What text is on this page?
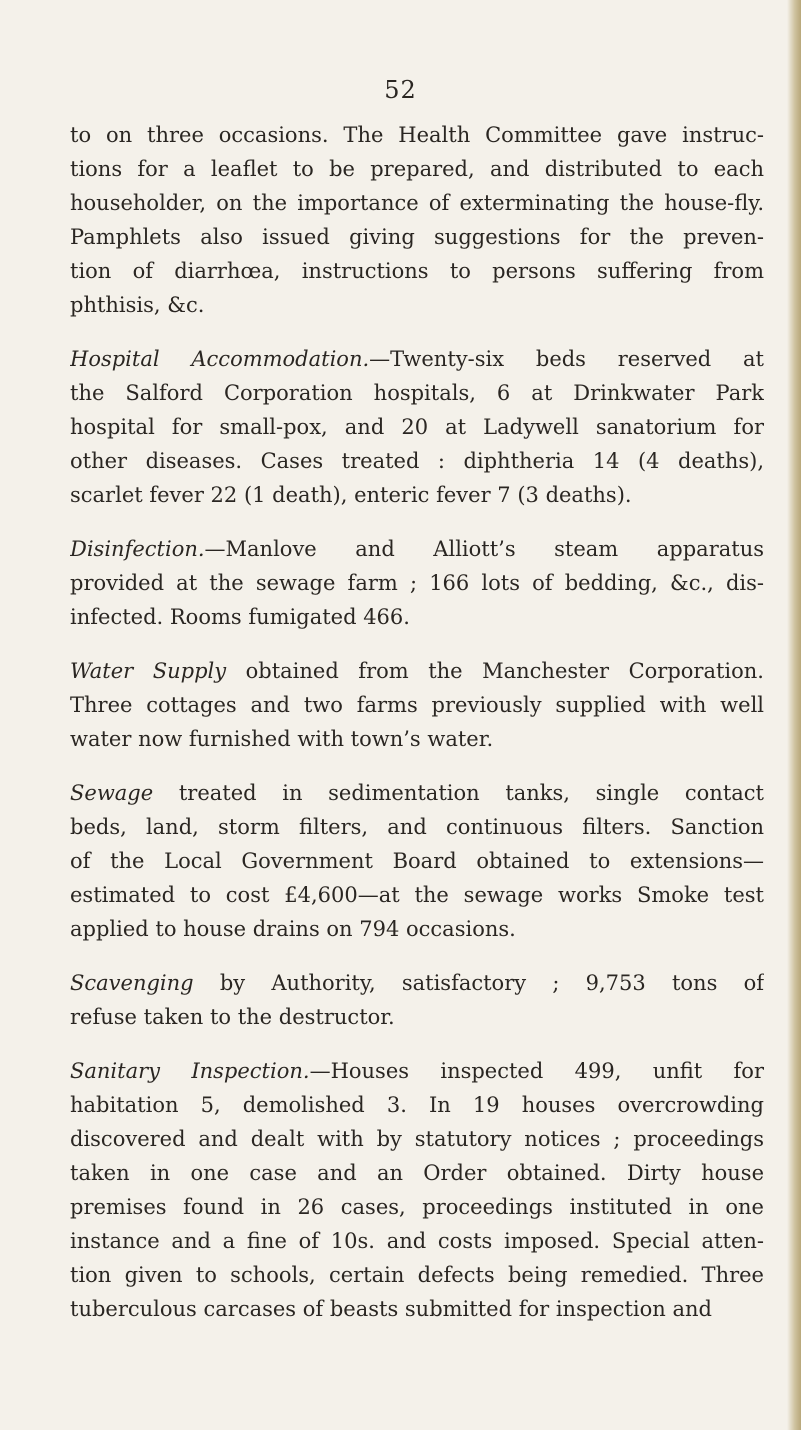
52
to on three occasions. The Health Committee gave instruc-
tions for a leaflet to be prepared, and distributed to each
householder, on the importance of exterminating the house-fly.
Pamphlets also issued giving suggestions for the preven-
tion of diarrhœa, instructions to persons suffering from
phthisis, &c.
Hospital Accommodation.—Twenty-six beds reserved at
the Salford Corporation hospitals, 6 at Drinkwater Park
hospital for small-pox, and 20 at Ladywell sanatorium for
other diseases. Cases treated : diphtheria 14 (4 deaths),
scarlet fever 22 (1 death), enteric fever 7 (3 deaths).
Disinfection.—Manlove and Alliott’s steam apparatus
provided at the sewage farm ; 166 lots of bedding, &c., dis-
infected. Rooms fumigated 466.
Water Supply obtained from the Manchester Corporation.
Three cottages and two farms previously supplied with well
water now furnished with town’s water.
Sewage treated in sedimentation tanks, single contact
beds, land, storm filters, and continuous filters. Sanction
of the Local Government Board obtained to extensions—
estimated to cost £4,600—at the sewage works Smoke test
applied to house drains on 794 occasions.
Scavenging by Authority, satisfactory ; 9,753 tons of
refuse taken to the destructor.
Sanitary Inspection.—Houses inspected 499, unfit for
habitation 5, demolished 3. In 19 houses overcrowding
discovered and dealt with by statutory notices ; proceedings
taken in one case and an Order obtained. Dirty house
premises found in 26 cases, proceedings instituted in one
instance and a fine of 10s. and costs imposed. Special atten-
tion given to schools, certain defects being remedied. Three
tuberculous carcases of beasts submitted for inspection and
